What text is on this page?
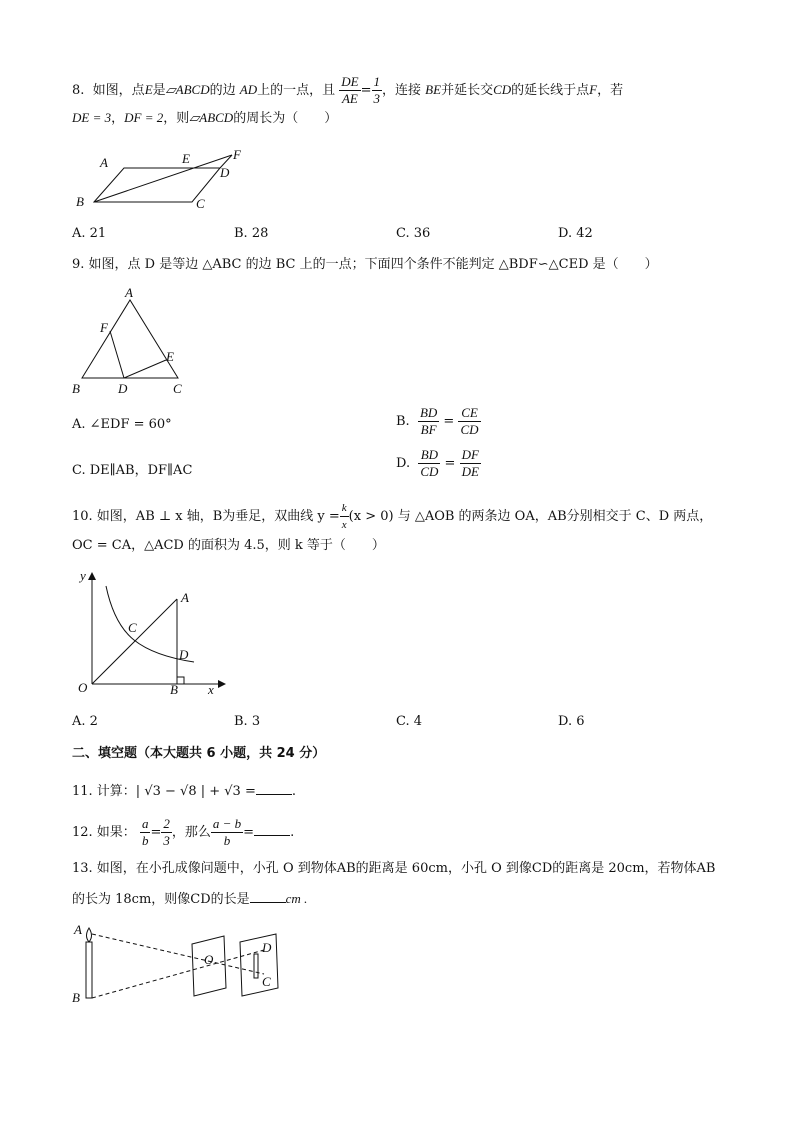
8. 如图，点E是▱ABCD的边 AD上的一点，且 $\frac{DE}{AE} = \frac{1}{3}$ ，连接 BE并延长交CD的延长线于点F，若
DE = 3，DF = 2，则▱ABCD的周长为（　　）
A	E	F
D
B	C
A. 21	B. 28	C. 36	D. 42
9. 如图，点 D 是等边 △ABC 的边 BC 上的一点；下面四个条件不能判定 △BDF∽△CED 是（　　）
A
F
E
B	D	C
A. ∠EDF = 60°	B. $\frac{BD}{BF} = \frac{CE}{CD}$
C. DE∥AB，DF∥AC	D. $\frac{BD}{CD} = \frac{DF}{DE}$
10. 如图，AB ⊥ x 轴，B为垂足，双曲线 $y = \frac{k}{x} (x > 0)$ 与 △AOB 的两条边 OA，AB分别相交于 C、D 两点，
OC = CA，△ACD 的面积为 4.5，则 k 等于（　　）
y
A
C
D
O	B x
A. 2	B. 3	C. 4	D. 6
二、填空题（本大题共 6 小题，共 24 分）
11. 计算：| √3 − √8 | + √3 =	.
12. 如果： $\frac{a}{b} = \frac{2}{3}$ ，那么 $\frac{a - b}{b}$ =	.
13. 如图，在小孔成像问题中，小孔 O 到物体AB的距离是 60cm，小孔 O 到像CD的距离是 20cm，若物体AB
的长为 18cm，则像CD的长是	cm .
A
B
O
D
C
